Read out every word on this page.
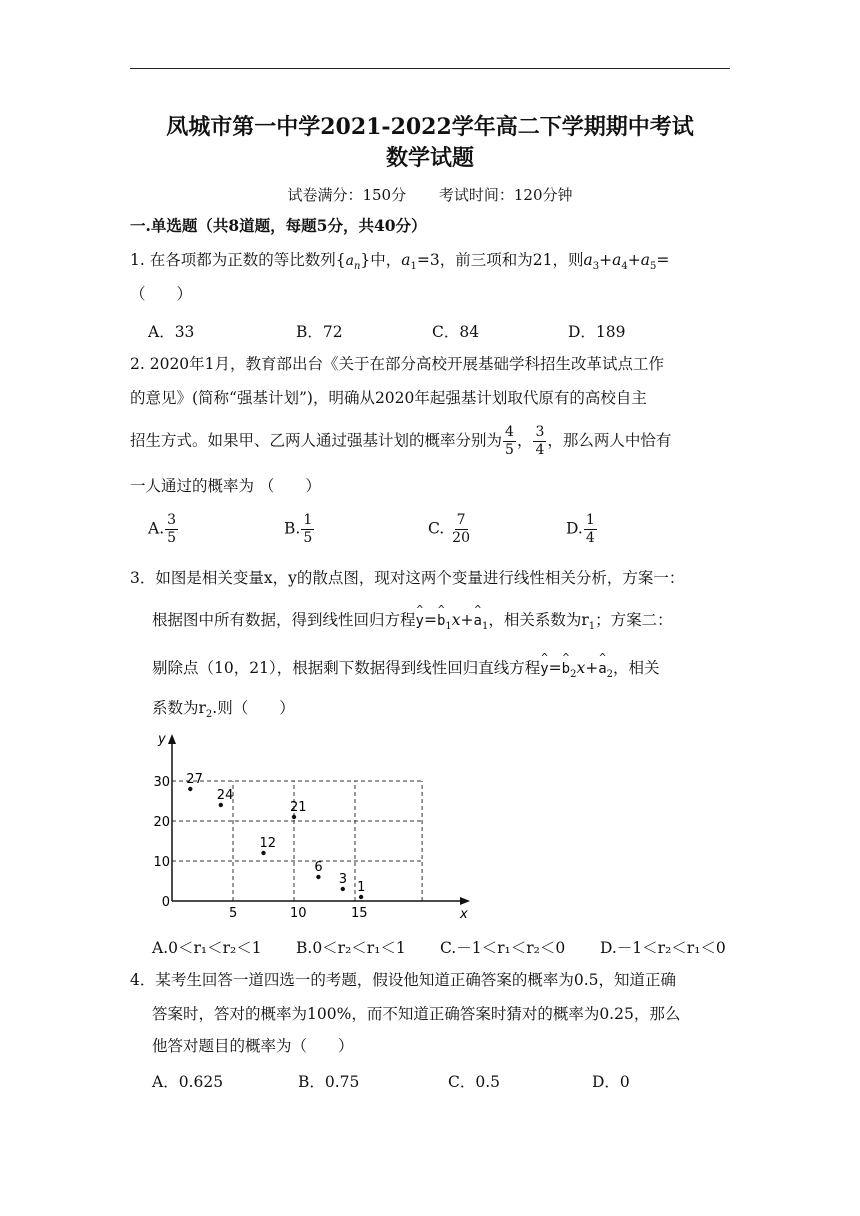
凤城市第一中学2021-2022学年高二下学期期中考试
数学试题
试卷满分：150分 考试时间：120分钟
一.单选题（共8道题，每题5分，共40分）
1. 在各项都为正数的等比数列$\{a_n\}$中，$a_1=3$，前三项和为21，则$a_3+a_4+a_5=$
（　　）
A．33	B．72	C．84	D．189
2. 2020年1月，教育部出台《关于在部分高校开展基础学科招生改革试点工作
的意见》(简称“强基计划”)，明确从2020年起强基计划取代原有的高校自主
招生方式。如果甲、乙两人通过强基计划的概率分别为 $\frac{4}{5}$ ， $\frac{3}{4}$ ，那么两人中恰有
一人通过的概率为 （　　）
A. $\frac{3}{5}$	B. $\frac{1}{5}$	C. $\frac{7}{20}$	D. $\frac{1}{4}$
3．如图是相关变量x，y的散点图，现对这两个变量进行线性相关分析，方案一：
根据图中所有数据，得到线性回归方程^ y=^ $b_1x+\^{}$ $a_1$，相关系数为$r_1$；方案二：
剔除点（10，21），根据剩下数据得到线性回归直线方程^ y=^ $b_2x+\^{}$ $a_2$，相关
系数为$r_2$.则（　　）
x
y
5	10	15
0
10
20
30 27
24
12
21
6
3
1
A.0＜r₁＜r₂＜1 B.0＜r₂＜r₁＜1 C.－1＜r₁＜r₂＜0 D.－1＜r₂＜r₁＜0
4．某考生回答一道四选一的考题，假设他知道正确答案的概率为0.5，知道正确
答案时，答对的概率为100%，而不知道正确答案时猜对的概率为0.25，那么
他答对题目的概率为（　　）
A．0.625	B．0.75	C．0.5	D．0
